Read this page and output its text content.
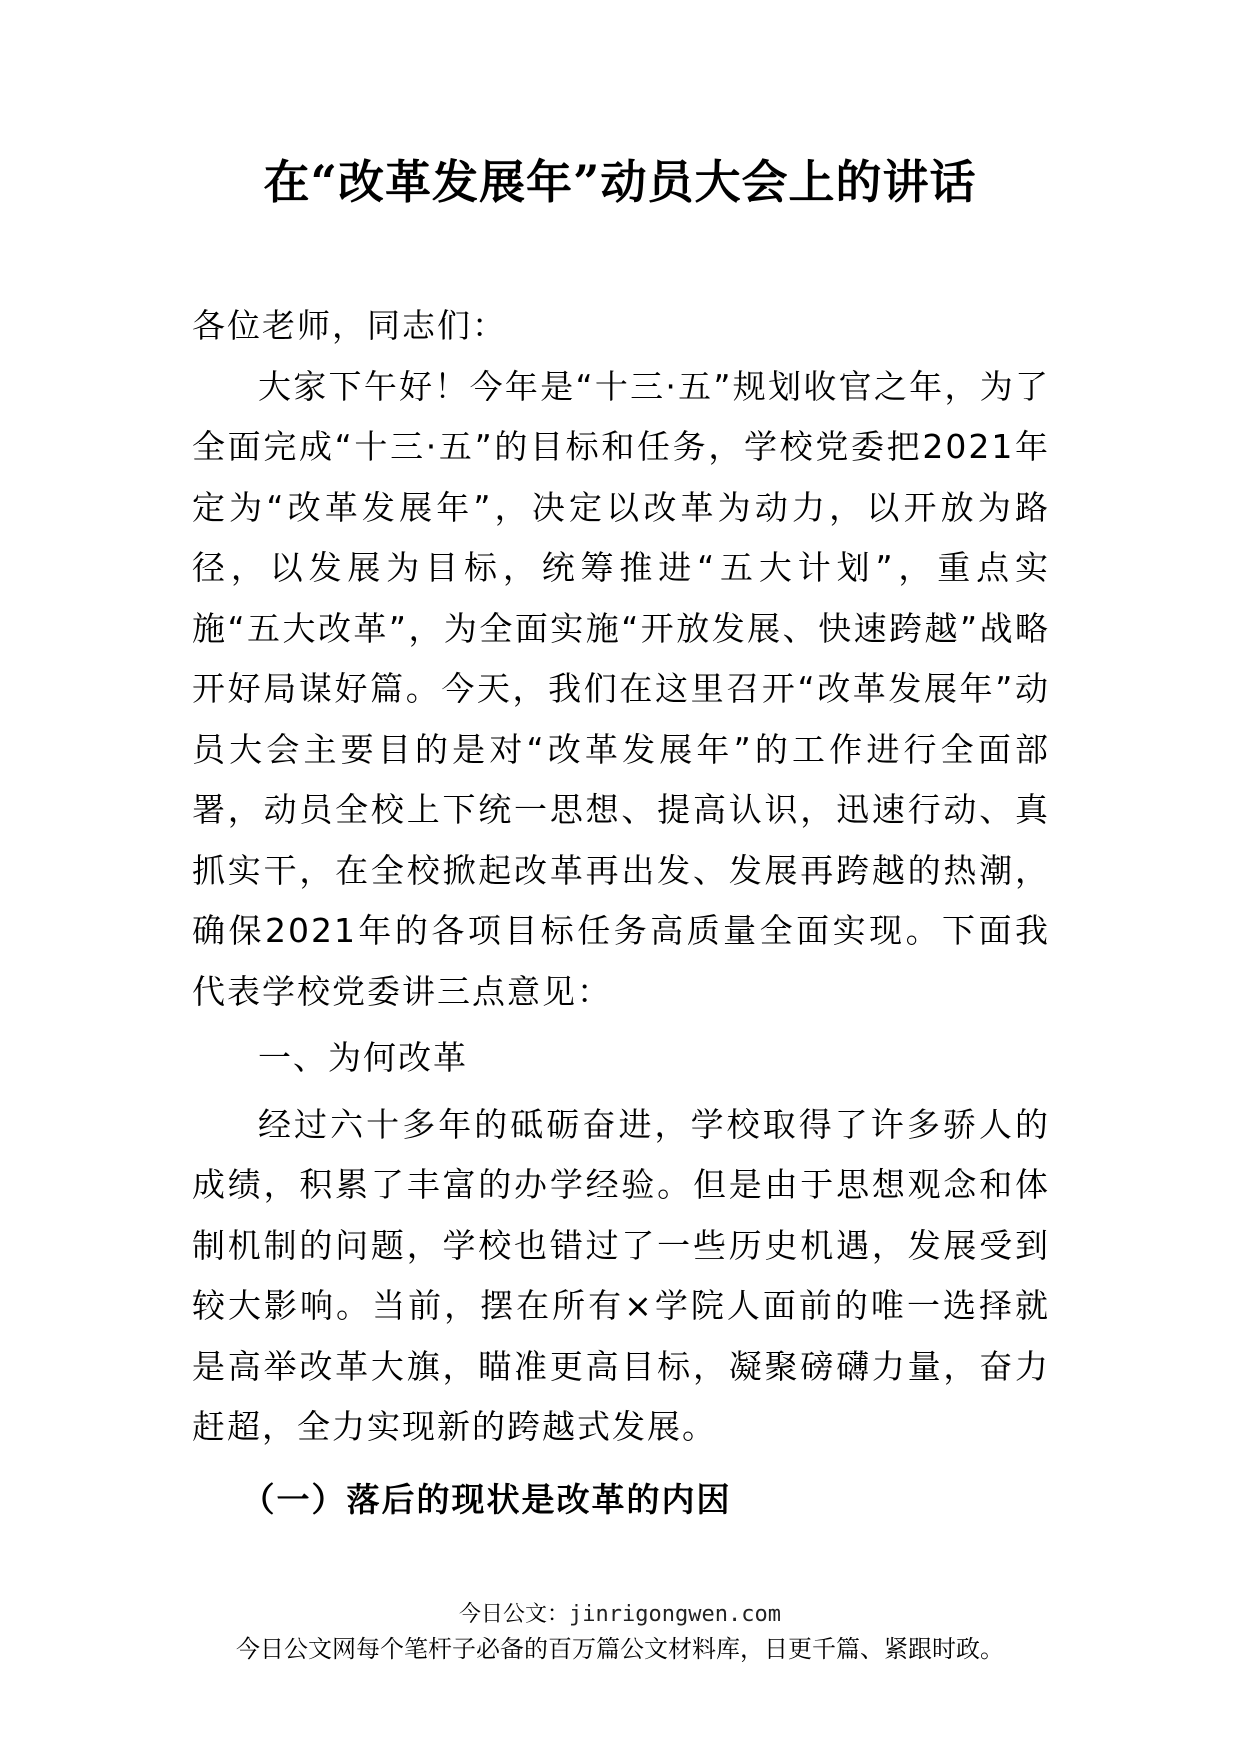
在“改革发展年”动员大会上的讲话

各位老师，同志们：

大家下午好！今年是“十三·五”规划收官之年，为了全面完成“十三·五”的目标和任务，学校党委把2021年定为“改革发展年”，决定以改革为动力，以开放为路径，以发展为目标，统筹推进“五大计划”，重点实施“五大改革”，为全面实施“开放发展、快速跨越”战略开好局谋好篇。今天，我们在这里召开“改革发展年”动员大会主要目的是对“改革发展年”的工作进行全面部署，动员全校上下统一思想、提高认识，迅速行动、真抓实干，在全校掀起改革再出发、发展再跨越的热潮，确保2021年的各项目标任务高质量全面实现。下面我代表学校党委讲三点意见：

一、为何改革

经过六十多年的砥砺奋进，学校取得了许多骄人的成绩，积累了丰富的办学经验。但是由于思想观念和体制机制的问题，学校也错过了一些历史机遇，发展受到较大影响。当前，摆在所有×学院人面前的唯一选择就是高举改革大旗，瞄准更高目标，凝聚磅礴力量，奋力赶超，全力实现新的跨越式发展。

（一）落后的现状是改革的内因

今日公文：jinrigongwen.com
今日公文网每个笔杆子必备的百万篇公文材料库，日更千篇、紧跟时政。
